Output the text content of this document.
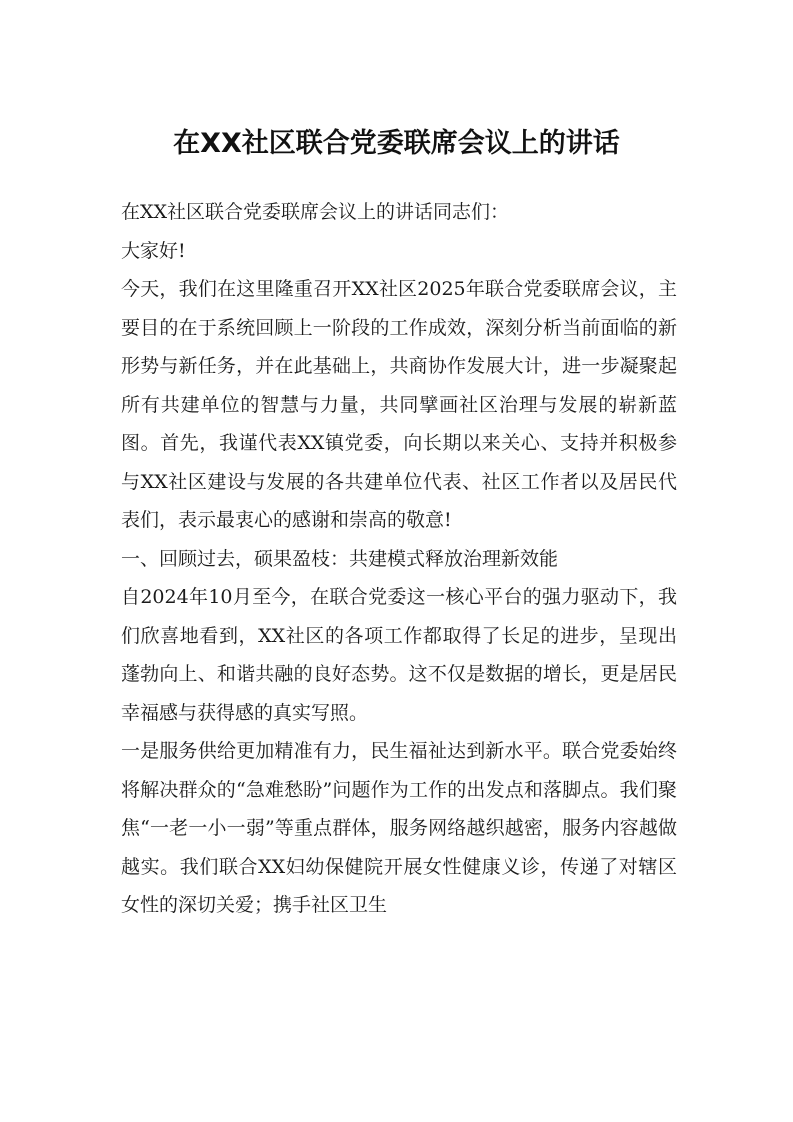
在XX社区联合党委联席会议上的讲话

在XX社区联合党委联席会议上的讲话同志们：

大家好!

今天，我们在这里隆重召开XX社区2025年联合党委联席会议，主要目的在于系统回顾上一阶段的工作成效，深刻分析当前面临的新形势与新任务，并在此基础上，共商协作发展大计，进一步凝聚起所有共建单位的智慧与力量，共同擘画社区治理与发展的崭新蓝图。首先，我谨代表XX镇党委，向长期以来关心、支持并积极参与XX社区建设与发展的各共建单位代表、社区工作者以及居民代表们，表示最衷心的感谢和崇高的敬意!

一、回顾过去，硕果盈枝：共建模式释放治理新效能

自2024年10月至今，在联合党委这一核心平台的强力驱动下，我们欣喜地看到，XX社区的各项工作都取得了长足的进步，呈现出蓬勃向上、和谐共融的良好态势。这不仅是数据的增长，更是居民幸福感与获得感的真实写照。

一是服务供给更加精准有力，民生福祉达到新水平。联合党委始终将解决群众的“急难愁盼”问题作为工作的出发点和落脚点。我们聚焦“一老一小一弱”等重点群体，服务网络越织越密，服务内容越做越实。我们联合XX妇幼保健院开展女性健康义诊，传递了对辖区女性的深切关爱；携手社区卫生
